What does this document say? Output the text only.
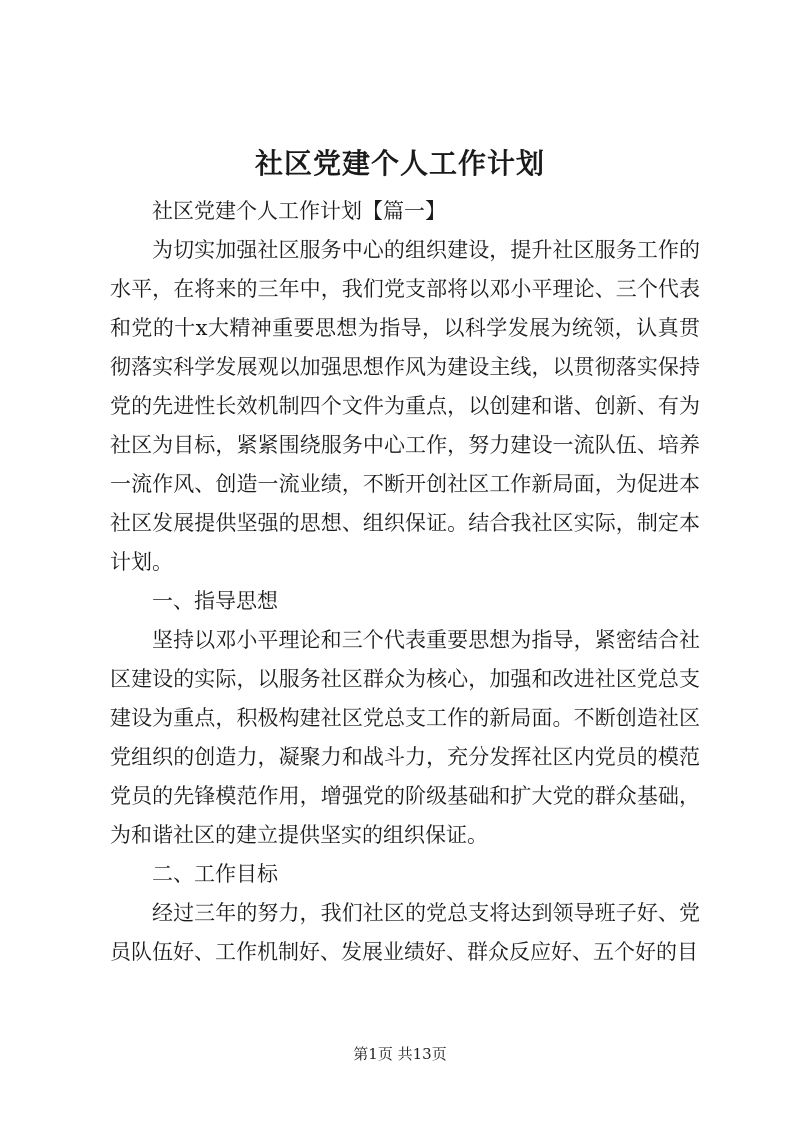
社区党建个人工作计划

社区党建个人工作计划【篇一】

为切实加强社区服务中心的组织建设，提升社区服务工作的水平，在将来的三年中，我们党支部将以邓小平理论、三个代表和党的十x大精神重要思想为指导，以科学发展为统领，认真贯彻落实科学发展观以加强思想作风为建设主线，以贯彻落实保持党的先进性长效机制四个文件为重点，以创建和谐、创新、有为社区为目标，紧紧围绕服务中心工作，努力建设一流队伍、培养一流作风、创造一流业绩，不断开创社区工作新局面，为促进本社区发展提供坚强的思想、组织保证。结合我社区实际，制定本计划。

一、指导思想

坚持以邓小平理论和三个代表重要思想为指导，紧密结合社区建设的实际，以服务社区群众为核心，加强和改进社区党总支建设为重点，积极构建社区党总支工作的新局面。不断创造社区党组织的创造力，凝聚力和战斗力，充分发挥社区内党员的模范党员的先锋模范作用，增强党的阶级基础和扩大党的群众基础，为和谐社区的建立提供坚实的组织保证。

二、工作目标

经过三年的努力，我们社区的党总支将达到领导班子好、党员队伍好、工作机制好、发展业绩好、群众反应好、五个好的目

第1页 共13页
